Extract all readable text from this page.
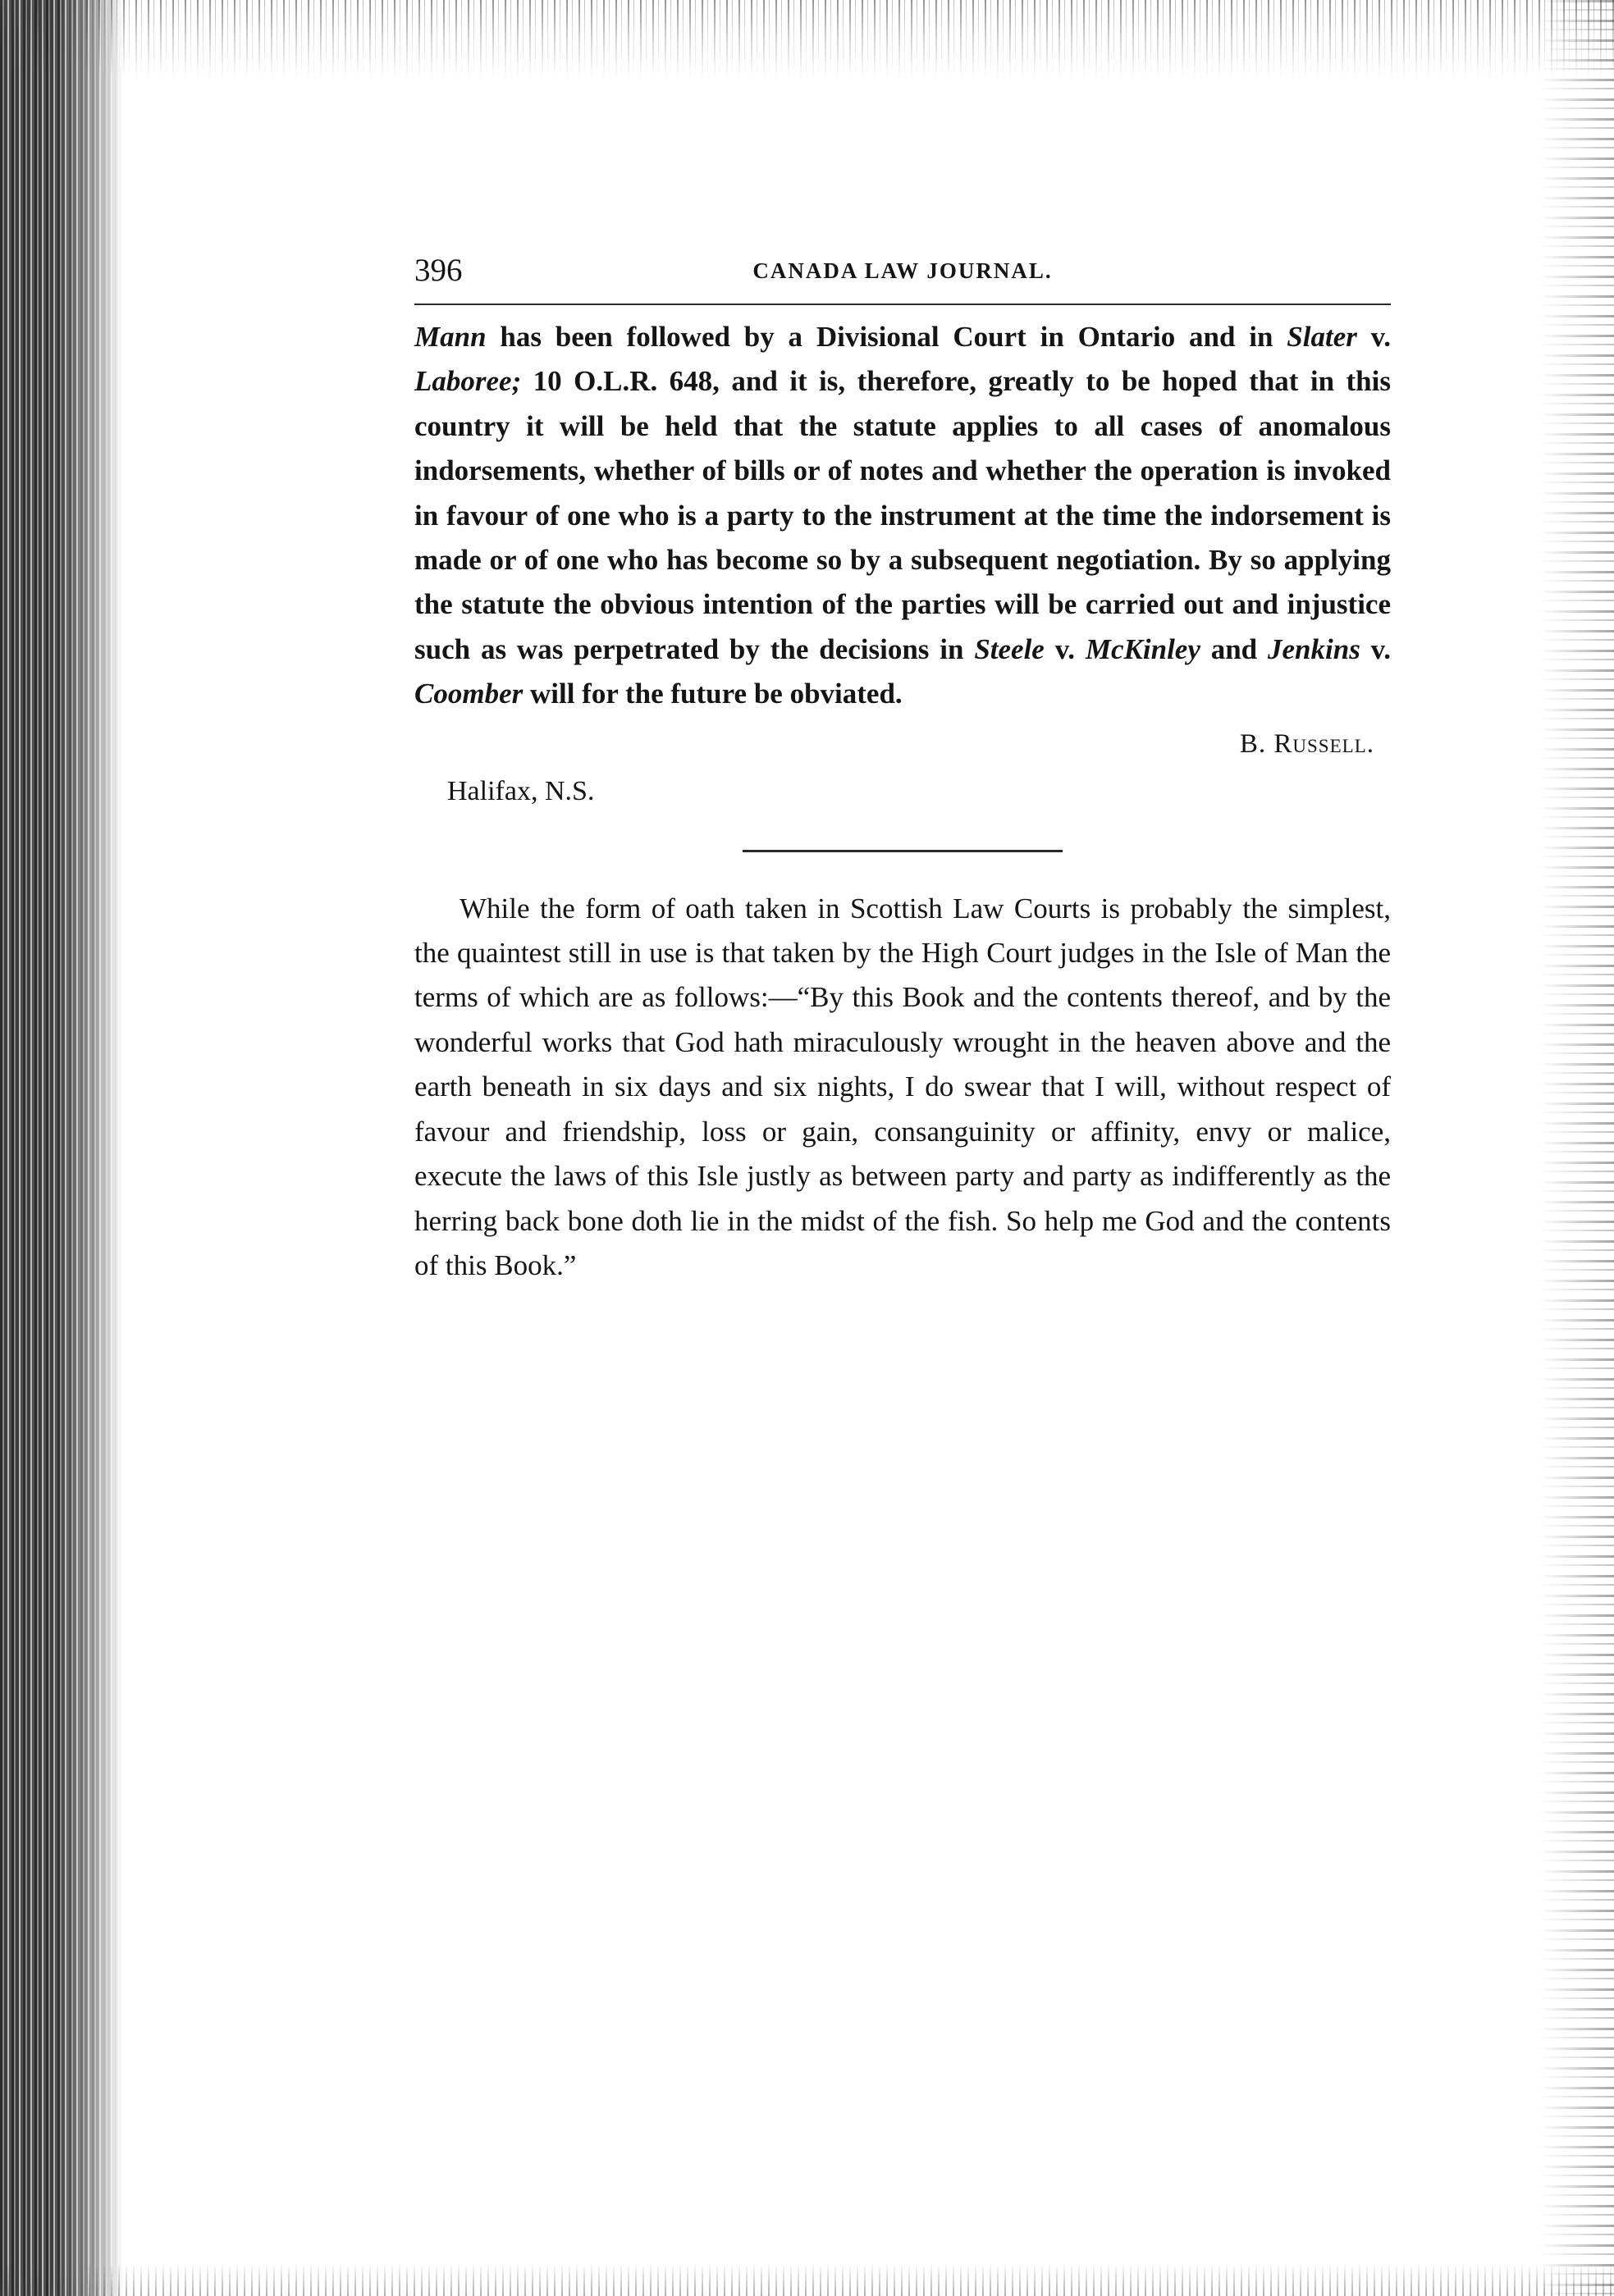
396	CANADA LAW JOURNAL.

Mann has been followed by a Divisional Court in Ontario and in Slater v. Laboree; 10 O.L.R. 648, and it is, therefore, greatly to be hoped that in this country it will be held that the statute applies to all cases of anomalous indorsements, whether of bills or of notes and whether the operation is invoked in favour of one who is a party to the instrument at the time the indorsement is made or of one who has become so by a subsequent negotiation. By so applying the statute the obvious intention of the parties will be carried out and injustice such as was perpetrated by the decisions in Steele v. McKinley and Jenkins v. Coomber will for the future be obviated.

B. Russell.
Halifax, N.S.

While the form of oath taken in Scottish Law Courts is probably the simplest, the quaintest still in use is that taken by the High Court judges in the Isle of Man the terms of which are as follows:—“By this Book and the contents thereof, and by the wonderful works that God hath miraculously wrought in the heaven above and the earth beneath in six days and six nights, I do swear that I will, without respect of favour and friendship, loss or gain, consanguinity or affinity, envy or malice, execute the laws of this Isle justly as between party and party as indifferently as the herring back bone doth lie in the midst of the fish. So help me God and the contents of this Book.”
